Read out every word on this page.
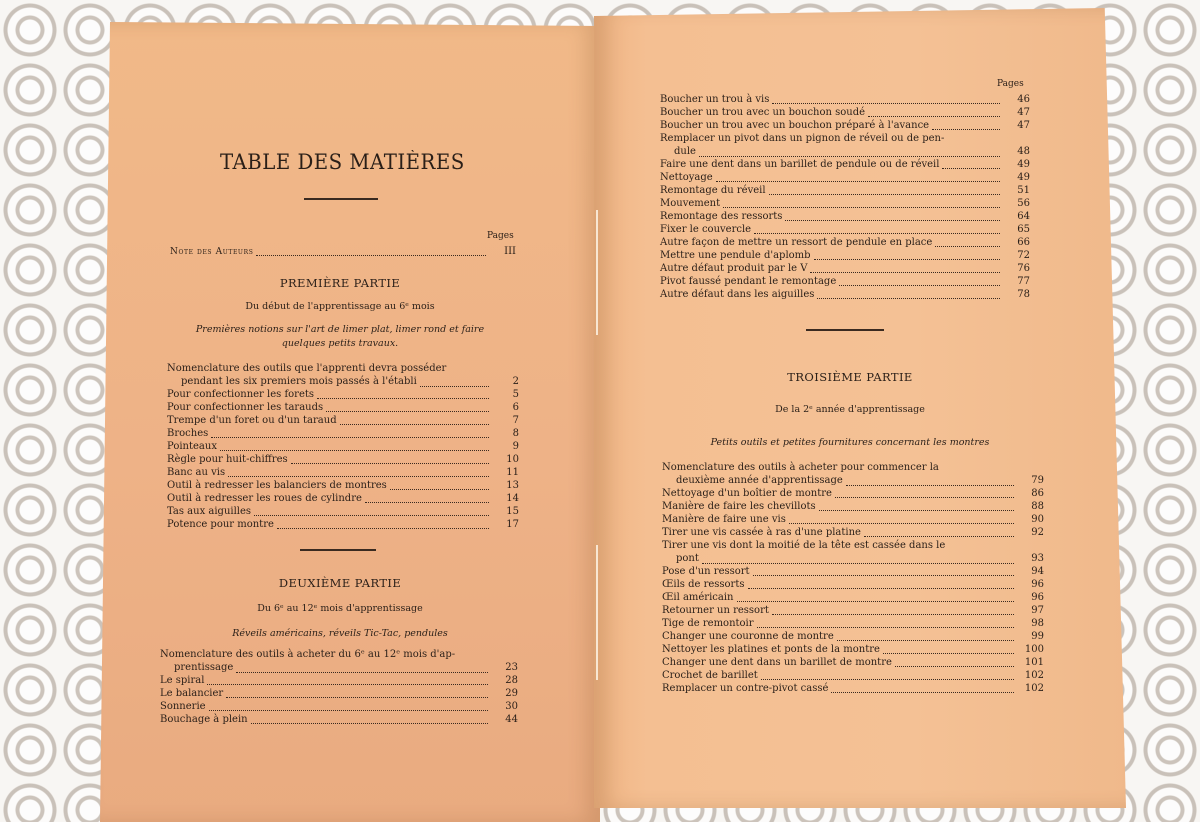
TABLE DES MATIÈRES
Pages
Note des Auteurs	III
PREMIÈRE PARTIE
Du début de l'apprentissage au 6ᵉ mois
Premières notions sur l'art de limer plat, limer rond et faire
quelques petits travaux.
Nomenclature des outils que l'apprenti devra posséder
pendant les six premiers mois passés à l'établi	2
Pour confectionner les forets	5
Pour confectionner les tarauds	6
Trempe d'un foret ou d'un taraud	7
Broches	8
Pointeaux	9
Règle pour huit-chiffres	10
Banc au vis	11
Outil à redresser les balanciers de montres	13
Outil à redresser les roues de cylindre	14
Tas aux aiguilles	15
Potence pour montre	17
DEUXIÈME PARTIE
Du 6ᵉ au 12ᵉ mois d'apprentissage
Réveils américains, réveils Tic-Tac, pendules
Nomenclature des outils à acheter du 6ᵉ au 12ᵉ mois d'ap-
prentissage	23
Le spiral	28
Le balancier	29
Sonnerie	30
Bouchage à plein	44
Pages
Boucher un trou à vis	46
Boucher un trou avec un bouchon soudé	47
Boucher un trou avec un bouchon préparé à l'avance	47
Remplacer un pivot dans un pignon de réveil ou de pen-
dule	48
Faire une dent dans un barillet de pendule ou de réveil	49
Nettoyage	49
Remontage du réveil	51
Mouvement	56
Remontage des ressorts	64
Fixer le couvercle	65
Autre façon de mettre un ressort de pendule en place	66
Mettre une pendule d'aplomb	72
Autre défaut produit par le V	76
Pivot faussé pendant le remontage	77
Autre défaut dans les aiguilles	78
TROISIÈME PARTIE
De la 2ᵉ année d'apprentissage
Petits outils et petites fournitures concernant les montres
Nomenclature des outils à acheter pour commencer la
deuxième année d'apprentissage	79
Nettoyage d'un boîtier de montre	86
Manière de faire les chevillots	88
Manière de faire une vis	90
Tirer une vis cassée à ras d'une platine	92
Tirer une vis dont la moitié de la tête est cassée dans le
pont	93
Pose d'un ressort	94
Œils de ressorts	96
Œil américain	96
Retourner un ressort	97
Tige de remontoir	98
Changer une couronne de montre	99
Nettoyer les platines et ponts de la montre	100
Changer une dent dans un barillet de montre	101
Crochet de barillet	102
Remplacer un contre-pivot cassé	102
